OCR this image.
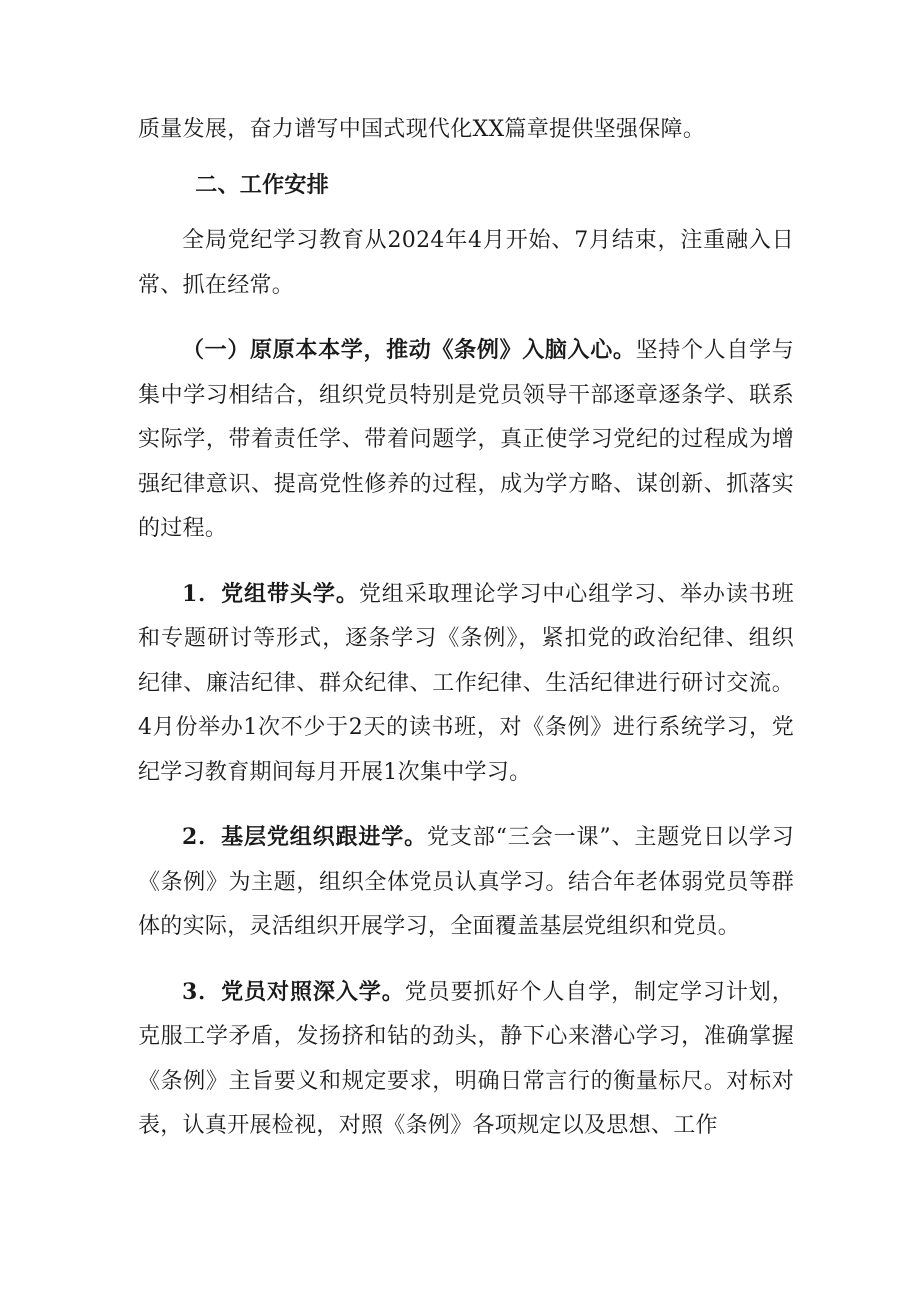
质量发展，奋力谱写中国式现代化XX篇章提供坚强保障。

二、工作安排

全局党纪学习教育从2024年4月开始、7月结束，注重融入日常、抓在经常。

（一）原原本本学，推动《条例》入脑入心。坚持个人自学与集中学习相结合，组织党员特别是党员领导干部逐章逐条学、联系实际学，带着责任学、带着问题学，真正使学习党纪的过程成为增强纪律意识、提高党性修养的过程，成为学方略、谋创新、抓落实的过程。

1．党组带头学。党组采取理论学习中心组学习、举办读书班和专题研讨等形式，逐条学习《条例》，紧扣党的政治纪律、组织纪律、廉洁纪律、群众纪律、工作纪律、生活纪律进行研讨交流。4月份举办1次不少于2天的读书班，对《条例》进行系统学习，党纪学习教育期间每月开展1次集中学习。

2．基层党组织跟进学。党支部“三会一课”、主题党日以学习《条例》为主题，组织全体党员认真学习。结合年老体弱党员等群体的实际，灵活组织开展学习，全面覆盖基层党组织和党员。

3．党员对照深入学。党员要抓好个人自学，制定学习计划，克服工学矛盾，发扬挤和钻的劲头，静下心来潜心学习，准确掌握《条例》主旨要义和规定要求，明确日常言行的衡量标尺。对标对表，认真开展检视，对照《条例》各项规定以及思想、工作
